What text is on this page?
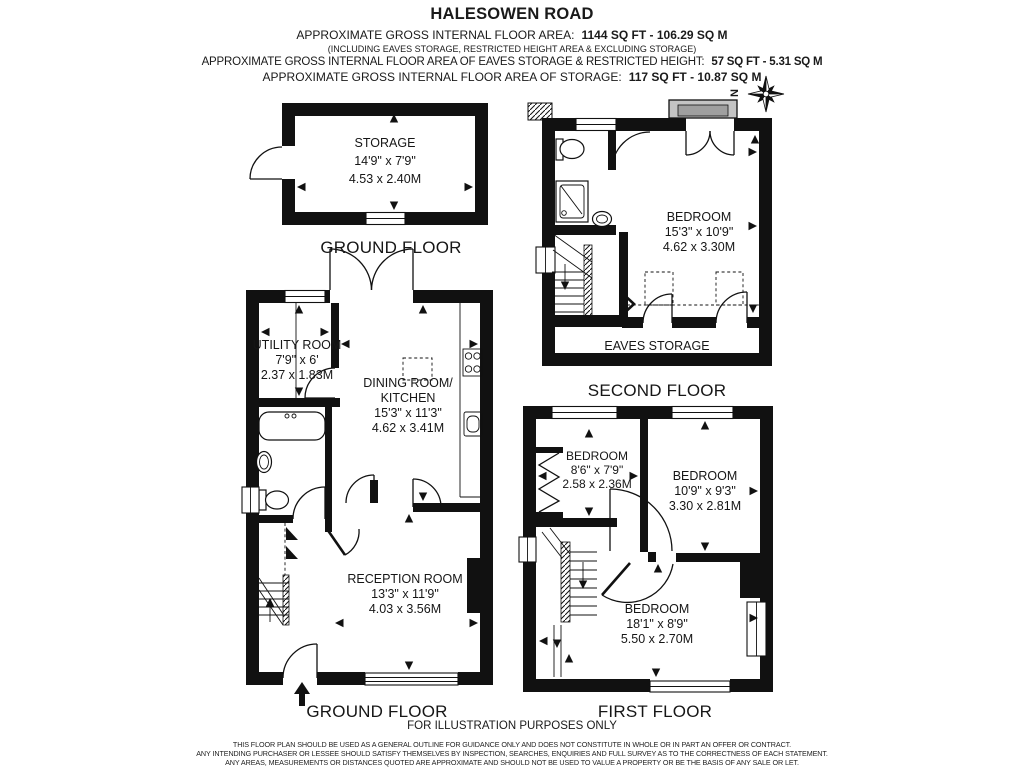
HALESOWEN ROAD
APPROXIMATE GROSS INTERNAL FLOOR AREA: 1144 SQ FT - 106.29 SQ M
(INCLUDING EAVES STORAGE, RESTRICTED HEIGHT AREA & EXCLUDING STORAGE)
APPROXIMATE GROSS INTERNAL FLOOR AREA OF EAVES STORAGE & RESTRICTED HEIGHT: 57 SQ FT - 5.31 SQ M
APPROXIMATE GROSS INTERNAL FLOOR AREA OF STORAGE: 117 SQ FT - 10.87 SQ M
N
STORAGE
14'9" x 7'9"
4.53 x 2.40M
BEDROOM
15'3" x 10'9"
4.62 x 3.30M
UTILITY ROOM
7'9" x 6'
2.37 x 1.83M
DINING ROOM/
KITCHEN
15'3" x 11'3"
4.62 x 3.41M
RECEPTION ROOM
13'3" x 11'9"
4.03 x 3.56M
BEDROOM
8'6" x 7'9"
2.58 x 2.36M
BEDROOM
10'9" x 9'3"
3.30 x 2.81M
BEDROOM
18'1" x 8'9"
5.50 x 2.70M
EAVES STORAGE
GROUND FLOOR
SECOND FLOOR
GROUND FLOOR	FIRST FLOOR
FOR ILLUSTRATION PURPOSES ONLY
THIS FLOOR PLAN SHOULD BE USED AS A GENERAL OUTLINE FOR GUIDANCE ONLY AND DOES NOT CONSTITUTE IN WHOLE OR IN PART AN OFFER OR CONTRACT.
ANY INTENDING PURCHASER OR LESSEE SHOULD SATISFY THEMSELVES BY INSPECTION, SEARCHES, ENQUIRIES AND FULL SURVEY AS TO THE CORRECTNESS OF EACH STATEMENT.
ANY AREAS, MEASUREMENTS OR DISTANCES QUOTED ARE APPROXIMATE AND SHOULD NOT BE USED TO VALUE A PROPERTY OR BE THE BASIS OF ANY SALE OR LET.
